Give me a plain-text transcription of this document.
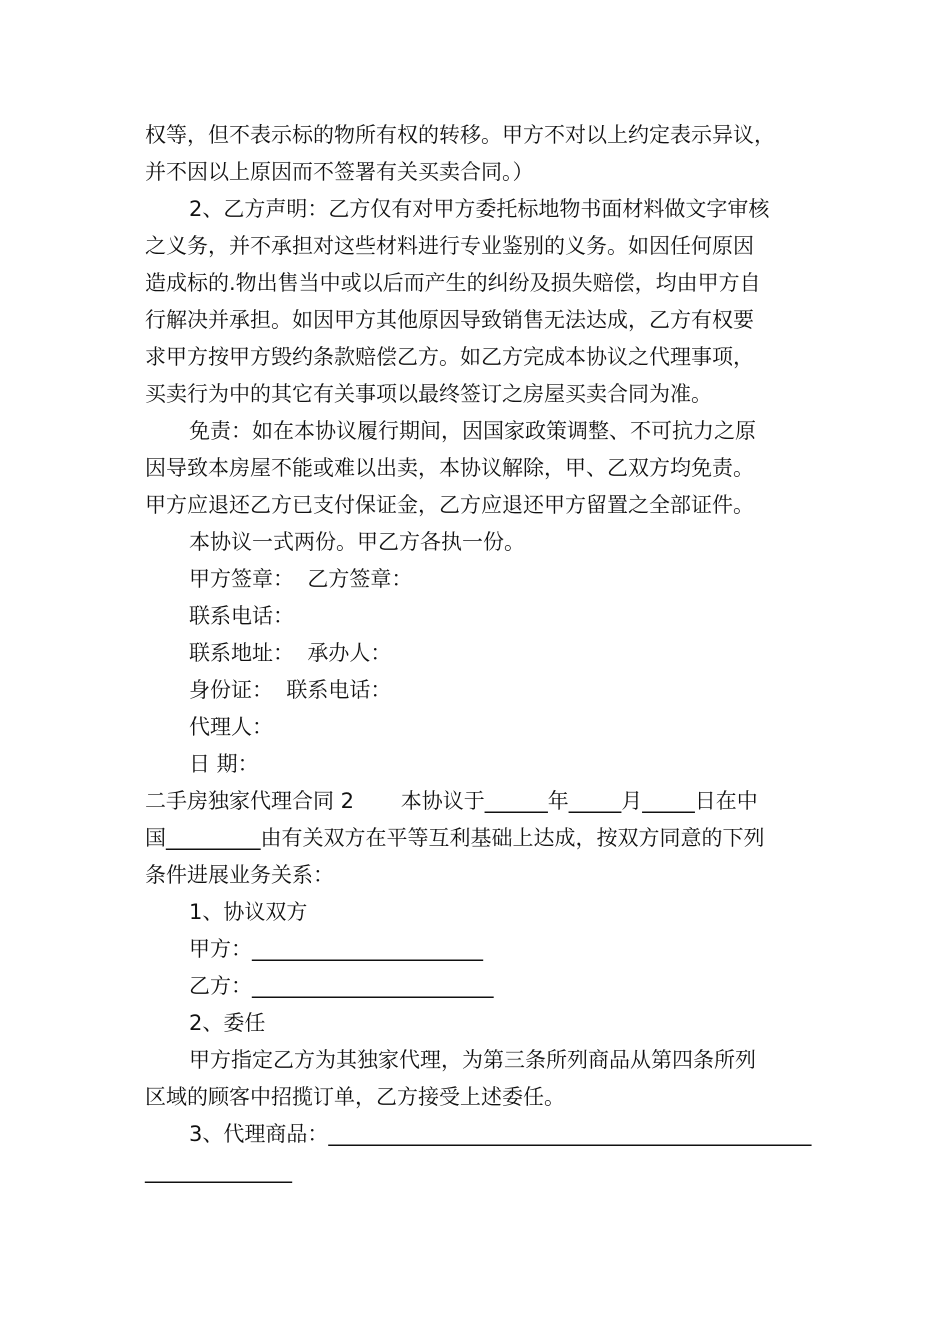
权等，但不表示标的物所有权的转移。甲方不对以上约定表示异议，
并不因以上原因而不签署有关买卖合同。）
2、乙方声明：乙方仅有对甲方委托标地物书面材料做文字审核
之义务，并不承担对这些材料进行专业鉴别的义务。如因任何原因
造成标的.物出售当中或以后而产生的纠纷及损失赔偿，均由甲方自
行解决并承担。如因甲方其他原因导致销售无法达成，乙方有权要
求甲方按甲方毁约条款赔偿乙方。如乙方完成本协议之代理事项，
买卖行为中的其它有关事项以最终签订之房屋买卖合同为准。
免责：如在本协议履行期间，因国家政策调整、不可抗力之原
因导致本房屋不能或难以出卖，本协议解除，甲、乙双方均免责。
甲方应退还乙方已支付保证金，乙方应退还甲方留置之全部证件。
本协议一式两份。甲乙方各执一份。
甲方签章：  乙方签章：
联系电话：
联系地址：  承办人：
身份证：  联系电话：
代理人：
日 期：
二手房独家代理合同 2       本协议于______年_____月_____日在中
国_________由有关双方在平等互利基础上达成，按双方同意的下列
条件进展业务关系：
1、协议双方
甲方：______________________
乙方：_______________________
2、委任
甲方指定乙方为其独家代理，为第三条所列商品从第四条所列
区域的顾客中招揽订单，乙方接受上述委任。
3、代理商品：______________________________________________
______________
